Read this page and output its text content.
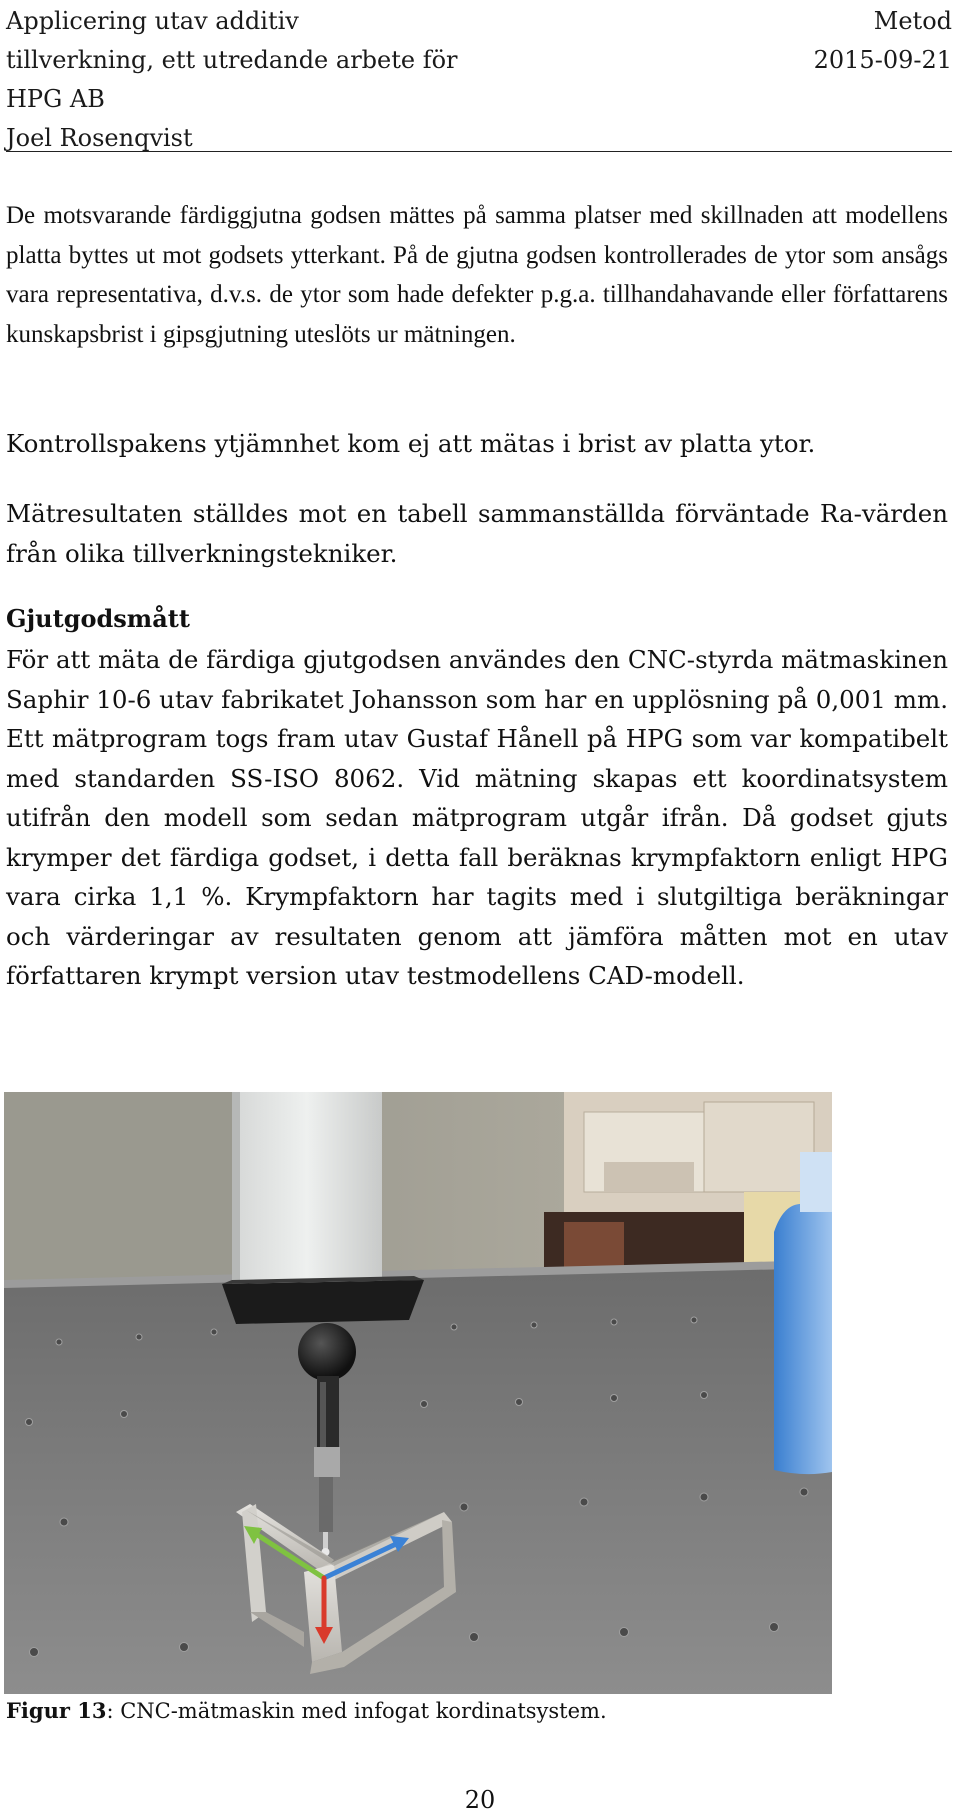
Applicering utav additiv
tillverkning, ett utredande arbete för
HPG AB
Joel Rosenqvist
Metod
2015-09-21

De motsvarande färdiggjutna godsen mättes på samma platser med skillnaden att modellens platta byttes ut mot godsets ytterkant. På de gjutna godsen kontrollerades de ytor som ansågs vara representativa, d.v.s. de ytor som hade defekter p.g.a. tillhandahavande eller författarens kunskapsbrist i gipsgjutning uteslöts ur mätningen.

Kontrollspakens ytjämnhet kom ej att mätas i brist av platta ytor.

Mätresultaten ställdes mot en tabell sammanställda förväntade Ra-värden från olika tillverkningstekniker.

Gjutgodsmått

För att mäta de färdiga gjutgodsen användes den CNC-styrda mätmaskinen Saphir 10-6 utav fabrikatet Johansson som har en upplösning på 0,001 mm. Ett mätprogram togs fram utav Gustaf Hånell på HPG som var kompatibelt med standarden SS-ISO 8062. Vid mätning skapas ett koordinatsystem utifrån den modell som sedan mätprogram utgår ifrån. Då godset gjuts krymper det färdiga godset, i detta fall beräknas krympfaktorn enligt HPG vara cirka 1,1 %. Krympfaktorn har tagits med i slutgiltiga beräkningar och värderingar av resultaten genom att jämföra måtten mot en utav författaren krympt version utav testmodellens CAD-modell.

Figur 13: CNC-mätmaskin med infogat kordinatsystem.
20
